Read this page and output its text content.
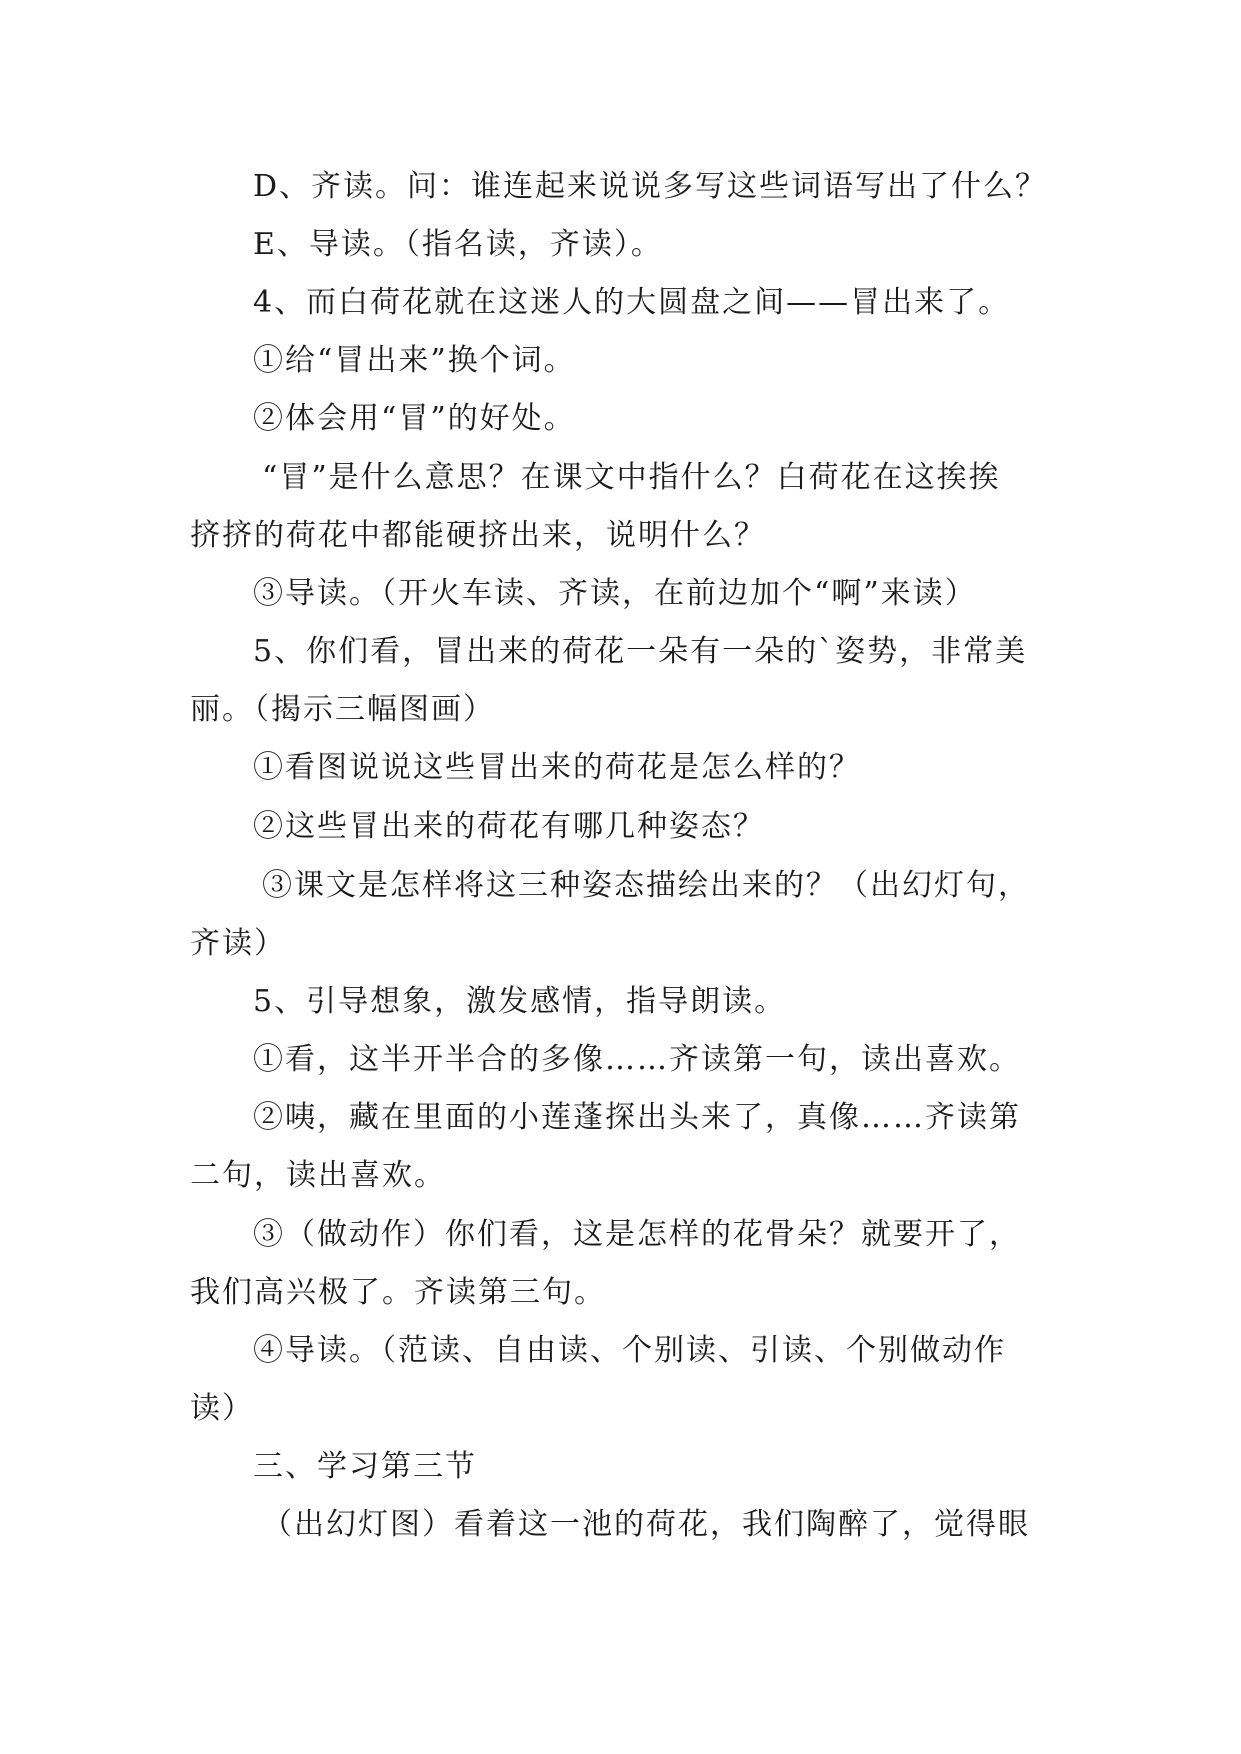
D、齐读。问：谁连起来说说多写这些词语写出了什么？
E、导读。（指名读，齐读）。
4、而白荷花就在这迷人的大圆盘之间——冒出来了。
①给“冒出来”换个词。
②体会用“冒”的好处。
“冒”是什么意思？在课文中指什么？白荷花在这挨挨
挤挤的荷花中都能硬挤出来，说明什么？
③导读。（开火车读、齐读，在前边加个“啊”来读）
5、你们看，冒出来的荷花一朵有一朵的`姿势，非常美
丽。（揭示三幅图画）
①看图说说这些冒出来的荷花是怎么样的？
②这些冒出来的荷花有哪几种姿态？
③课文是怎样将这三种姿态描绘出来的？（出幻灯句，
齐读）
5、引导想象，激发感情，指导朗读。
①看，这半开半合的多像……齐读第一句，读出喜欢。
②咦，藏在里面的小莲蓬探出头来了，真像……齐读第
二句，读出喜欢。
③（做动作）你们看，这是怎样的花骨朵？就要开了，
我们高兴极了。齐读第三句。
④导读。（范读、自由读、个别读、引读、个别做动作
读）
三、学习第三节
（出幻灯图）看着这一池的荷花，我们陶醉了，觉得眼
